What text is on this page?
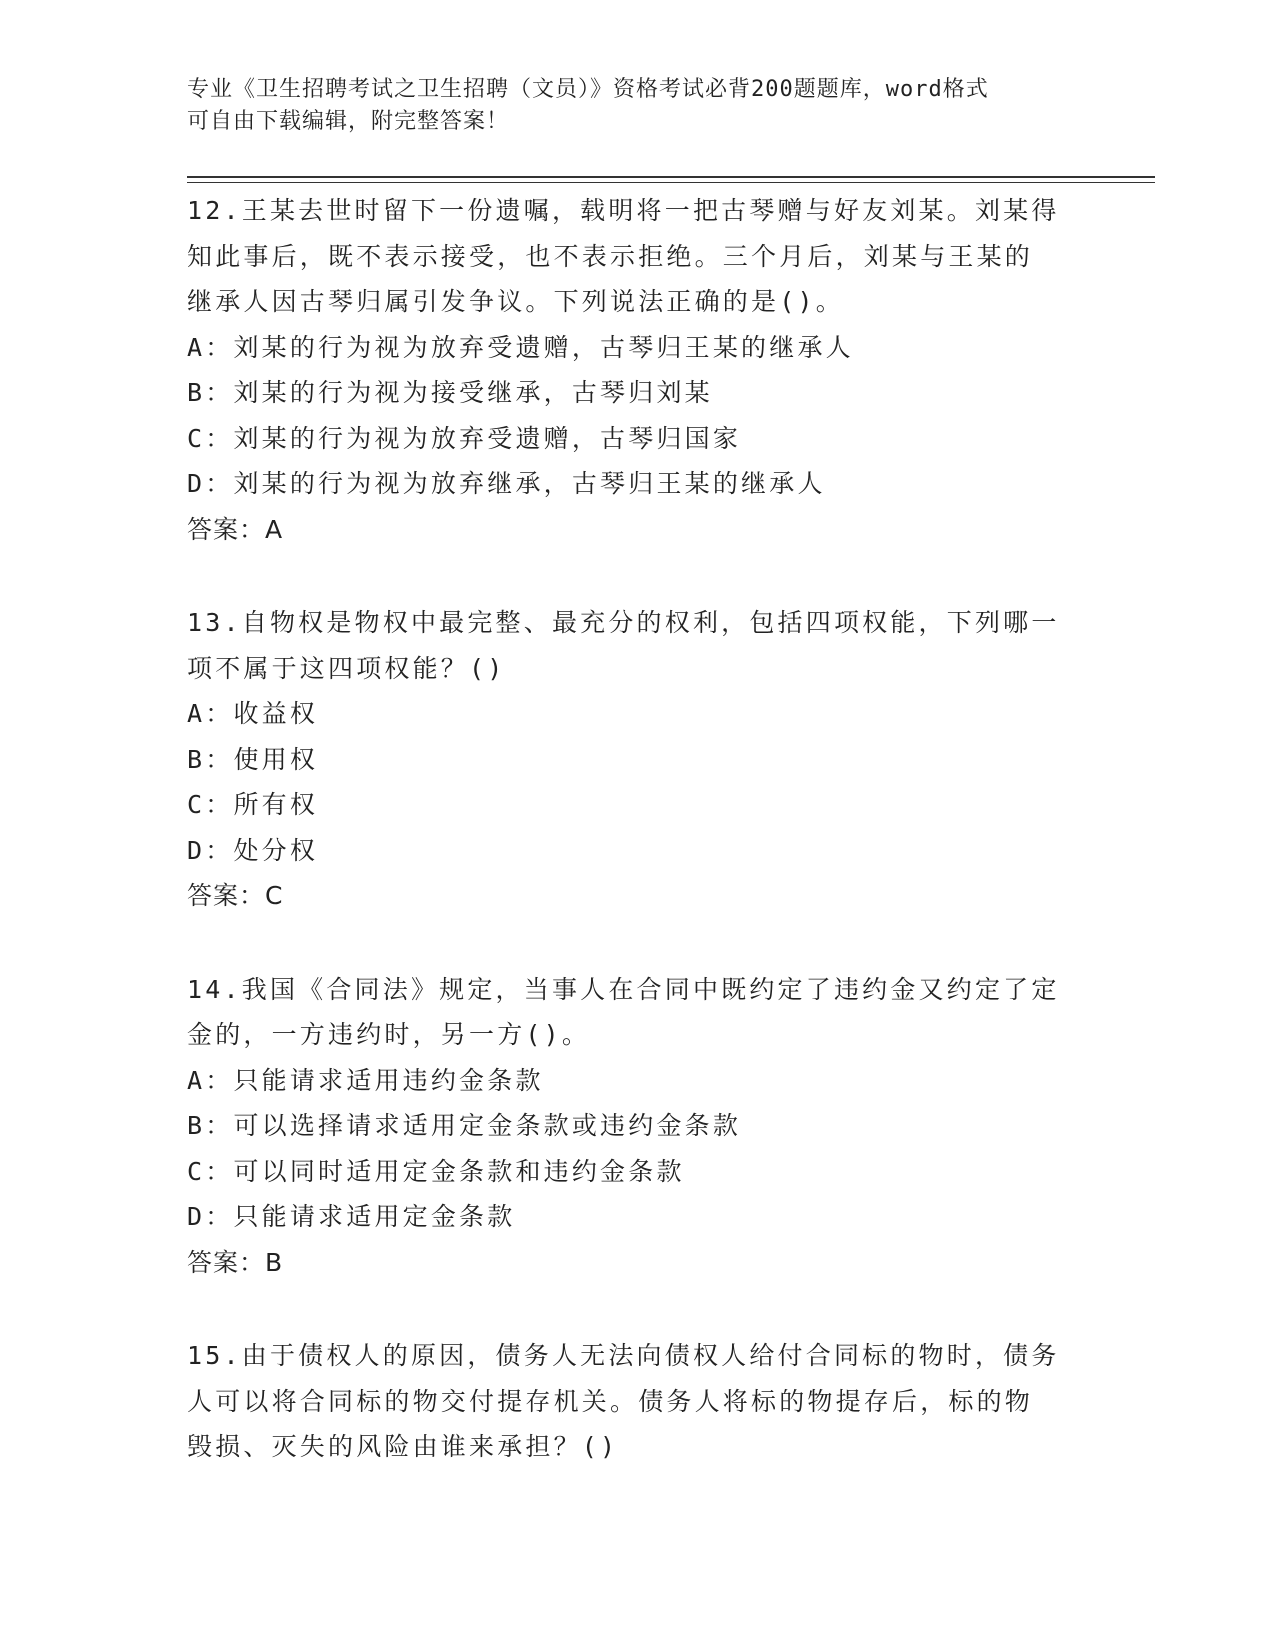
专业《卫生招聘考试之卫生招聘（文员）》资格考试必背200题题库，word格式
可自由下载编辑，附完整答案！
12.王某去世时留下一份遗嘱，载明将一把古琴赠与好友刘某。刘某得
知此事后，既不表示接受，也不表示拒绝。三个月后，刘某与王某的
继承人因古琴归属引发争议。下列说法正确的是()。
A：刘某的行为视为放弃受遗赠，古琴归王某的继承人
B：刘某的行为视为接受继承，古琴归刘某
C：刘某的行为视为放弃受遗赠，古琴归国家
D：刘某的行为视为放弃继承，古琴归王某的继承人
答案：A
13.自物权是物权中最完整、最充分的权利，包括四项权能，下列哪一
项不属于这四项权能？()
A：收益权
B：使用权
C：所有权
D：处分权
答案：C
14.我国《合同法》规定，当事人在合同中既约定了违约金又约定了定
金的，一方违约时，另一方()。
A：只能请求适用违约金条款
B：可以选择请求适用定金条款或违约金条款
C：可以同时适用定金条款和违约金条款
D：只能请求适用定金条款
答案：B
15.由于债权人的原因，债务人无法向债权人给付合同标的物时，债务
人可以将合同标的物交付提存机关。债务人将标的物提存后，标的物
毁损、灭失的风险由谁来承担？()
